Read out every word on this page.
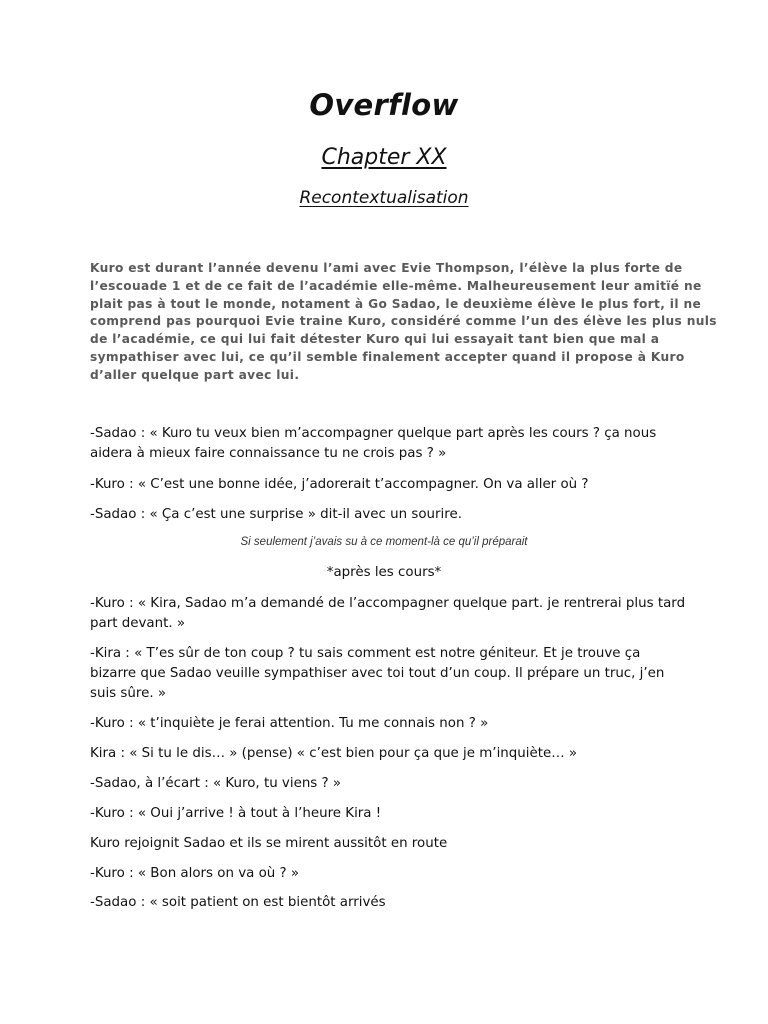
Overflow
Chapter XX
Recontextualisation
Kuro est durant l’année devenu l’ami avec Evie Thompson, l’élève la plus forte de
l’escouade 1 et de ce fait de l’académie elle-même. Malheureusement leur amitïé ne
plait pas à tout le monde, notament à Go Sadao, le deuxième élève le plus fort, il ne
comprend pas pourquoi Evie traine Kuro, considéré comme l’un des élève les plus nuls
de l’académie, ce qui lui fait détester Kuro qui lui essayait tant bien que mal a
sympathiser avec lui, ce qu’il semble finalement accepter quand il propose à Kuro
d’aller quelque part avec lui.
-Sadao : « Kuro tu veux bien m’accompagner quelque part après les cours ? ça nous
aidera à mieux faire connaissance tu ne crois pas ? »
-Kuro : « C’est une bonne idée, j’adorerait t’accompagner. On va aller où ?
-Sadao : « Ça c’est une surprise » dit-il avec un sourire.
Si seulement j’avais su à ce moment-là ce qu’il préparait
*après les cours*
-Kuro : « Kira, Sadao m’a demandé de l’accompagner quelque part. je rentrerai plus tard
part devant. »
-Kira : « T’es sûr de ton coup ? tu sais comment est notre géniteur. Et je trouve ça
bizarre que Sadao veuille sympathiser avec toi tout d’un coup. Il prépare un truc, j’en
suis sûre. »
-Kuro : « t’inquiète je ferai attention. Tu me connais non ? »
Kira : « Si tu le dis… » (pense) « c’est bien pour ça que je m’inquiète… »
-Sadao, à l’écart : « Kuro, tu viens ? »
-Kuro : « Oui j’arrive ! à tout à l’heure Kira !
Kuro rejoignit Sadao et ils se mirent aussitôt en route
-Kuro : « Bon alors on va où ? »
-Sadao : « soit patient on est bientôt arrivés
